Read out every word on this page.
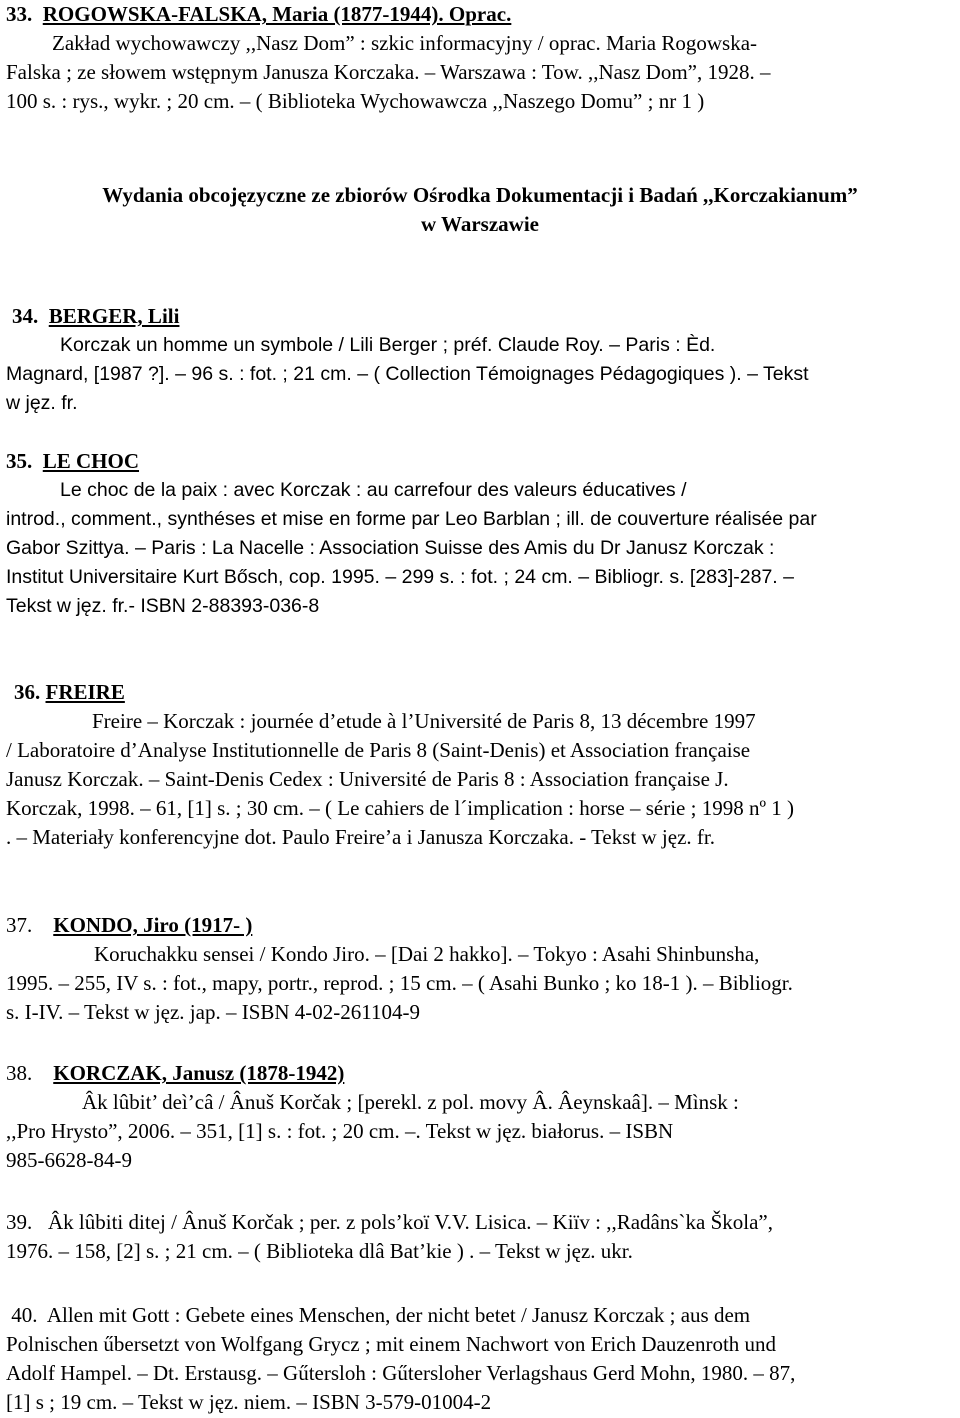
33. ROGOWSKA-FALSKA, Maria (1877-1944). Oprac.
Zakład wychowawczy ,,Nasz Dom” : szkic informacyjny / oprac. Maria Rogowska-
Falska ; ze słowem wstępnym Janusza Korczaka. – Warszawa : Tow. ,,Nasz Dom”, 1928. –
100 s. : rys., wykr. ; 20 cm. – ( Biblioteka Wychowawcza ,,Naszego Domu” ; nr 1 )
Wydania obcojęzyczne ze zbiorów Ośrodka Dokumentacji i Badań ,,Korczakianum”
w Warszawie
34. BERGER, Lili
Korczak un homme un symbole / Lili Berger ; préf. Claude Roy. – Paris : Èd.
Magnard, [1987 ?]. – 96 s. : fot. ; 21 cm. – ( Collection Témoignages Pédagogiques ). – Tekst
w jęz. fr.
35. LE CHOC
Le choc de la paix : avec Korczak : au carrefour des valeurs éducatives /
introd., comment., synthéses et mise en forme par Leo Barblan ; ill. de couverture réalisée par
Gabor Szittya. – Paris : La Nacelle : Association Suisse des Amis du Dr Janusz Korczak :
Institut Universitaire Kurt Bősch, cop. 1995. – 299 s. : fot. ; 24 cm. – Bibliogr. s. [283]-287. –
Tekst w jęz. fr.- ISBN 2-88393-036-8
36. FREIRE
Freire – Korczak : journée d’etude à l’Université de Paris 8, 13 décembre 1997
/ Laboratoire d’Analyse Institutionnelle de Paris 8 (Saint-Denis) et Association française
Janusz Korczak. – Saint-Denis Cedex : Université de Paris 8 : Association française J.
Korczak, 1998. – 61, [1] s. ; 30 cm. – ( Le cahiers de l´implication : horse – série ; 1998 nº 1 )
. – Materiały konferencyjne dot. Paulo Freire’a i Janusza Korczaka. - Tekst w jęz. fr.
37. KONDO, Jiro (1917- )
Koruchakku sensei / Kondo Jiro. – [Dai 2 hakko]. – Tokyo : Asahi Shinbunsha,
1995. – 255, IV s. : fot., mapy, portr., reprod. ; 15 cm. – ( Asahi Bunko ; ko 18-1 ). – Bibliogr.
s. I-IV. – Tekst w jęz. jap. – ISBN 4-02-261104-9
38. KORCZAK, Janusz (1878-1942)
Âk lûbit’ deì’câ / Ânuš Korčak ; [perekl. z pol. movy Â. Âeynskaâ]. – Mìnsk :
,,Pro Hrysto”, 2006. – 351, [1] s. : fot. ; 20 cm. –. Tekst w jęz. białorus. – ISBN
985-6628-84-9
39.   Âk lûbiti ditej / Ânuš Korčak ; per. z pols’koï V.V. Lisica. – Kiïv : ,,Radâns`ka Škola”,
1976. – 158, [2] s. ; 21 cm. – ( Biblioteka dlâ Bat’kie ) . – Tekst w jęz. ukr.
40.  Allen mit Gott : Gebete eines Menschen, der nicht betet / Janusz Korczak ; aus dem
Polnischen űbersetzt von Wolfgang Grycz ; mit einem Nachwort von Erich Dauzenroth und
Adolf Hampel. – Dt. Erstausg. – Gűtersloh : Gűtersloher Verlagshaus Gerd Mohn, 1980. – 87,
[1] s ; 19 cm. – Tekst w jęz. niem. – ISBN 3-579-01004-2
